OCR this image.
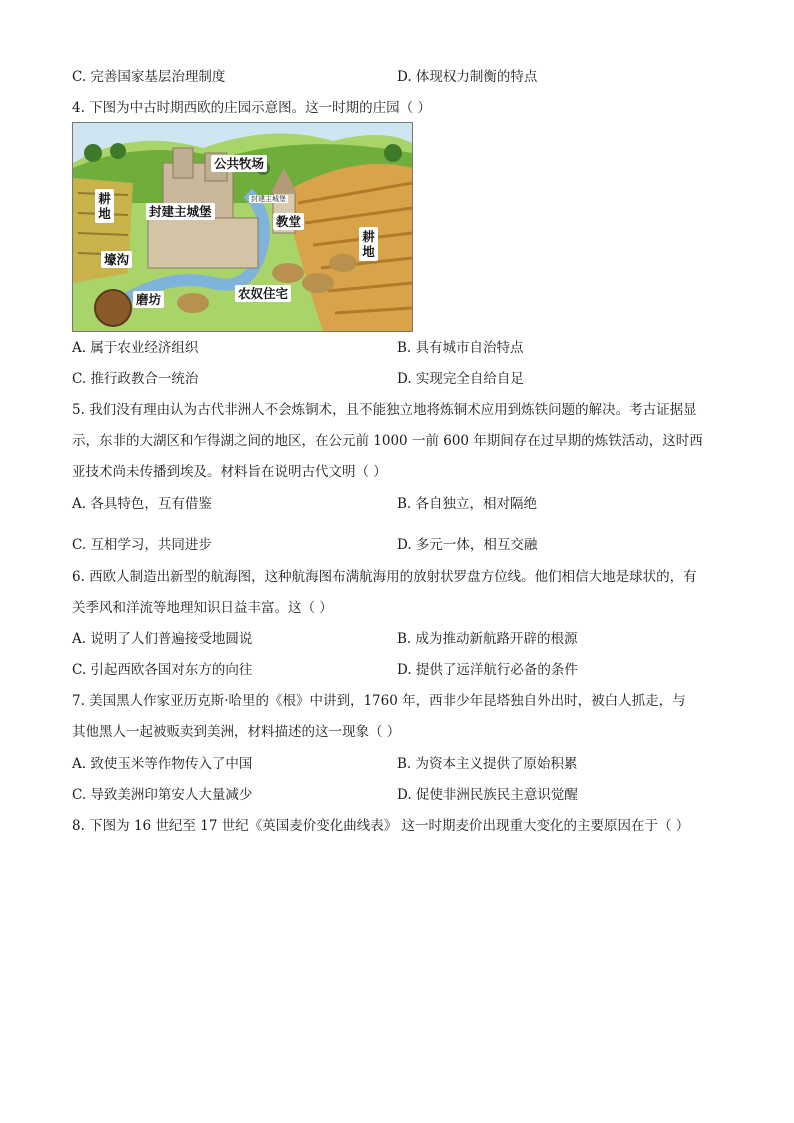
C. 完善国家基层治理制度	D. 体现权力制衡的特点
4. 下图为中古时期西欧的庄园示意图。这一时期的庄园（ ）
公共牧场
耕地	封建主城堡
封建主城堡
教堂
耕地
壕沟
磨坊	农奴住宅
A. 属于农业经济组织	B. 具有城市自治特点
C. 推行政教合一统治	D. 实现完全自给自足
5. 我们没有理由认为古代非洲人不会炼铜术，且不能独立地将炼铜术应用到炼铁问题的解决。考古证据显
示，东非的大湖区和乍得湖之间的地区，在公元前 1000 一前 600 年期间存在过早期的炼铁活动，这时西
亚技术尚未传播到埃及。材料旨在说明古代文明（ ）
A. 各具特色，互有借鉴	B. 各自独立，相对隔绝
C. 互相学习，共同进步	D. 多元一体，相互交融
6. 西欧人制造出新型的航海图，这种航海图布满航海用的放射状罗盘方位线。他们相信大地是球状的，有
关季风和洋流等地理知识日益丰富。这（ ）
A. 说明了人们普遍接受地圆说	B. 成为推动新航路开辟的根源
C. 引起西欧各国对东方的向往	D. 提供了远洋航行必备的条件
7. 美国黑人作家亚历克斯·哈里的《根》中讲到，1760 年，西非少年昆塔独自外出时，被白人抓走，与
其他黑人一起被贩卖到美洲，材料描述的这一现象（ ）
A. 致使玉米等作物传入了中国	B. 为资本主义提供了原始积累
C. 导致美洲印第安人大量减少	D. 促使非洲民族民主意识觉醒
8. 下图为 16 世纪至 17 世纪《英国麦价变化曲线表》 这一时期麦价出现重大变化的主要原因在于（ ）
